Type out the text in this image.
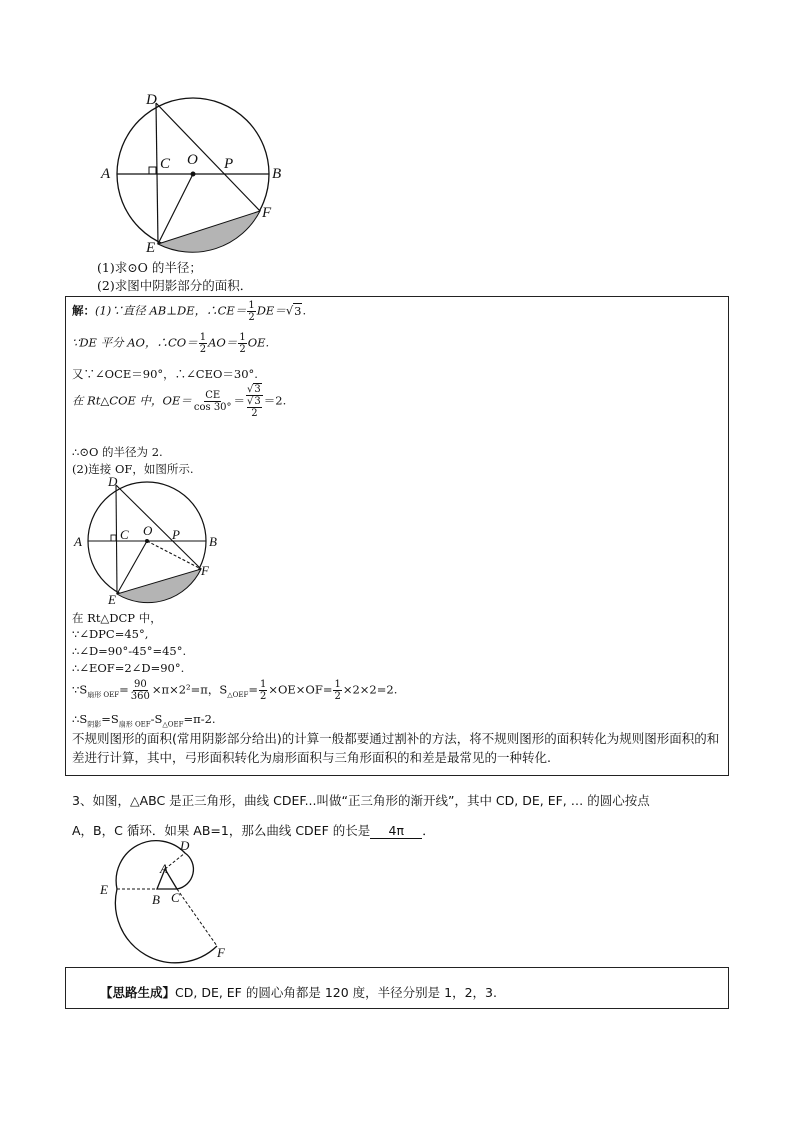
D
A
C O P
B
F
E
(1)求⊙O 的半径；
(2)求图中阴影部分的面积．
解：(1)∵直径 AB⊥DE，∴CE＝ $\frac{1}{2} DE=√3$.
∵DE 平分 AO，∴CO＝ $\frac{1}{2} AO= \frac{1}{2}$ OE.
又∵∠OCE＝90°，∴∠CEO＝30°.
在 Rt△COE 中，$OE= \frac{CE}{\cos 30^\circ} = √3$
√3
2 ＝2.
∴⊙O 的半径为 2.
(2)连接 OF，如图所示.
D
A	C O P B
F
E
在 Rt△DCP 中，
∵∠DPC=45°,
∴∠D=90°-45°=45°.
∴∠EOF=2∠D=90°.
$\because S_{扇形 OEF}= \frac{90}{360} \times\pi\times 2^2=\pi$，$S_{\triangle OEF}= \frac{1}{2} \times OE\times OF= \frac{1}{2} \times 2\times 2=2$.
$\therefore S_{阴影}=S_{扇形 OEF}-S_{\triangle OEF}=\pi-2$.
不规则图形的面积(常用阴影部分给出)的计算一般都要通过割补的方法，将不规则图形的面积转化为规则图形面积的和差进行计算，其中，弓形面积转化为扇形面积与三角形面积的和差是最常见的一种转化.
3、如图，△ABC 是正三角形，曲线 CDEF...叫做“正三角形的渐开线”，其中 CD, DE, EF, … 的圆心按点
A，B，C 循环．如果 AB=1，那么曲线 CDEF 的长是 4π ．
D
A
E
B C
F
【思路生成】CD, DE, EF 的圆心角都是 120 度，半径分别是 1，2，3.
